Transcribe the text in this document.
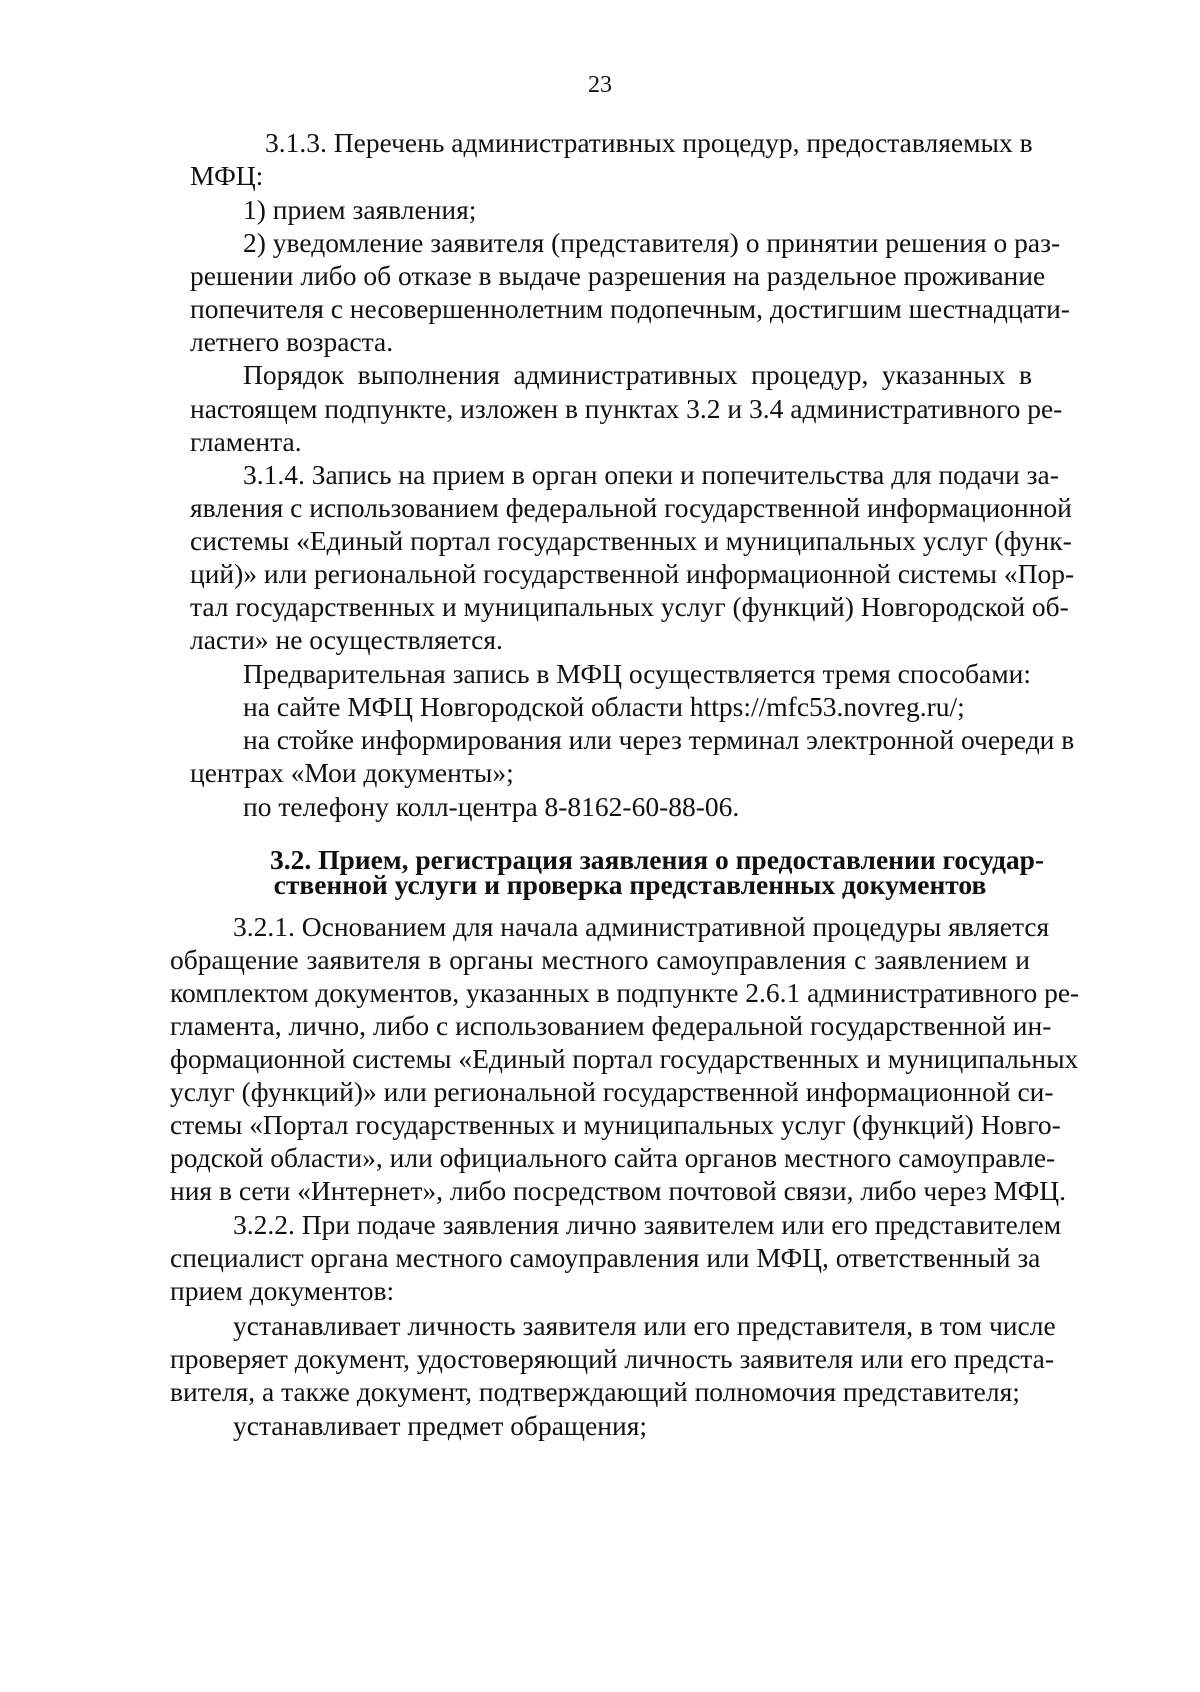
23
3.1.3. Перечень административных процедур, предоставляемых в
МФЦ:
1) прием заявления;
2) уведомление заявителя (представителя) о принятии решения о раз-
решении либо об отказе в выдаче разрешения на раздельное проживание
попечителя с несовершеннолетним подопечным, достигшим шестнадцати-
летнего возраста.
Порядок выполнения административных процедур, указанных в
настоящем подпункте, изложен в пунктах 3.2 и 3.4 административного ре-
гламента.
3.1.4. Запись на прием в орган опеки и попечительства для подачи за-
явления с использованием федеральной государственной информационной
системы «Единый портал государственных и муниципальных услуг (функ-
ций)» или региональной государственной информационной системы «Пор-
тал государственных и муниципальных услуг (функций) Новгородской об-
ласти» не осуществляется.
Предварительная запись в МФЦ осуществляется тремя способами:
на сайте МФЦ Новгородской области https://mfc53.novreg.ru/;
на стойке информирования или через терминал электронной очереди в
центрах «Мои документы»;
по телефону колл-центра 8-8162-60-88-06.
3.2. Прием, регистрация заявления о предоставлении государ-
ственной услуги и проверка представленных документов
3.2.1. Основанием для начала административной процедуры является
обращение заявителя в органы местного самоуправления с заявлением и
комплектом документов, указанных в подпункте 2.6.1 административного ре-
гламента, лично, либо с использованием федеральной государственной ин-
формационной системы «Единый портал государственных и муниципальных
услуг (функций)» или региональной государственной информационной си-
стемы «Портал государственных и муниципальных услуг (функций) Новго-
родской области», или официального сайта органов местного самоуправле-
ния в сети «Интернет», либо посредством почтовой связи, либо через МФЦ.
3.2.2. При подаче заявления лично заявителем или его представителем
специалист органа местного самоуправления или МФЦ, ответственный за
прием документов:
устанавливает личность заявителя или его представителя, в том числе
проверяет документ, удостоверяющий личность заявителя или его предста-
вителя, а также документ, подтверждающий полномочия представителя;
устанавливает предмет обращения;
